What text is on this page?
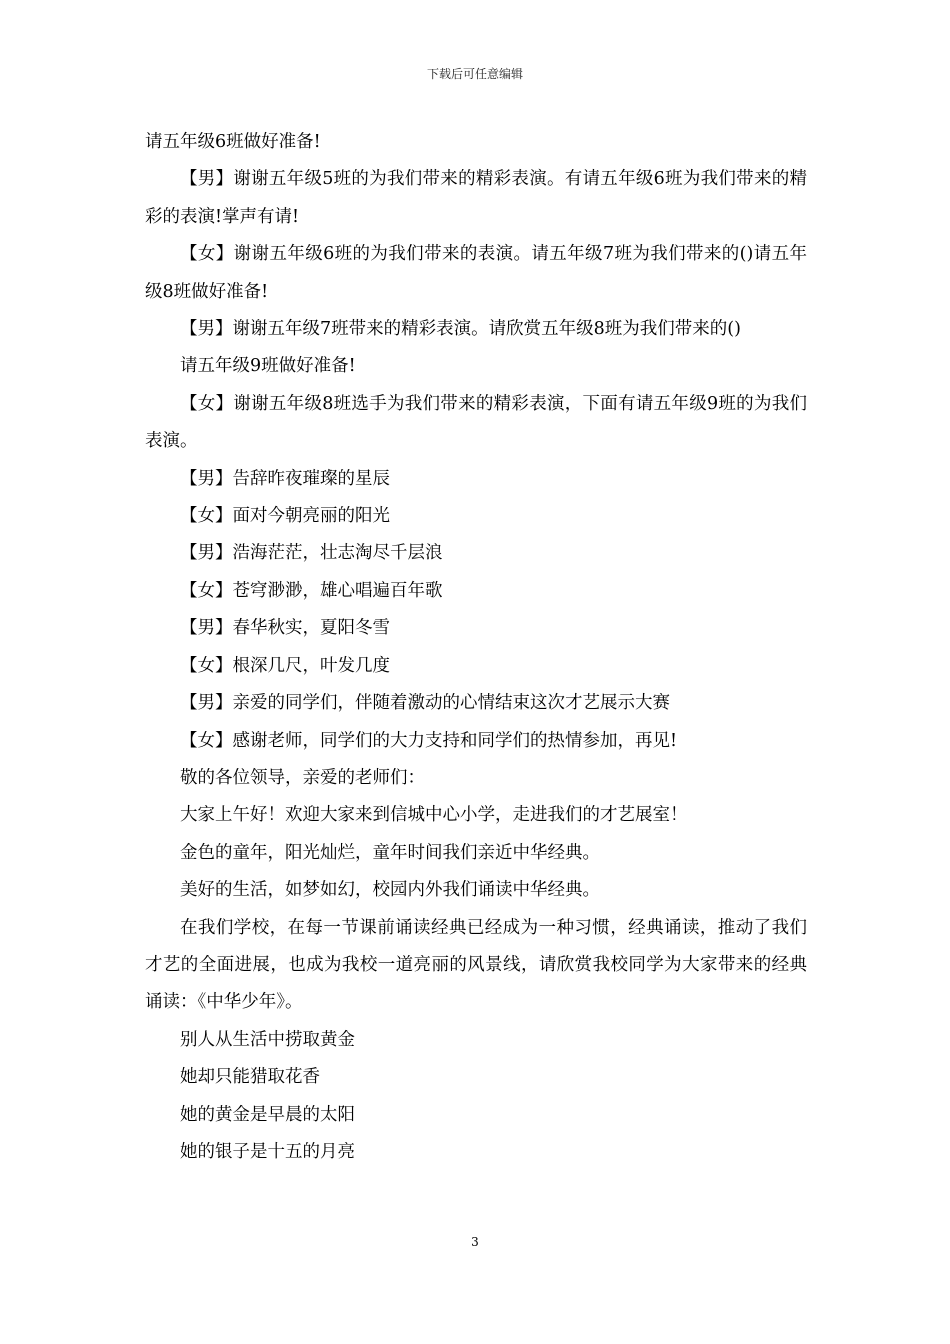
下载后可任意编辑

请五年级6班做好准备!

【男】谢谢五年级5班的为我们带来的精彩表演。有请五年级6班为我们带来的精彩的表演!掌声有请!

【女】谢谢五年级6班的为我们带来的表演。请五年级7班为我们带来的()请五年级8班做好准备!

【男】谢谢五年级7班带来的精彩表演。请欣赏五年级8班为我们带来的()

请五年级9班做好准备!

【女】谢谢五年级8班选手为我们带来的精彩表演，下面有请五年级9班的为我们表演。

【男】告辞昨夜璀璨的星辰

【女】面对今朝亮丽的阳光

【男】浩海茫茫，壮志淘尽千层浪

【女】苍穹渺渺，雄心唱遍百年歌

【男】春华秋实，夏阳冬雪

【女】根深几尺，叶发几度

【男】亲爱的同学们，伴随着激动的心情结束这次才艺展示大赛

【女】感谢老师，同学们的大力支持和同学们的热情参加，再见!

敬的各位领导，亲爱的老师们：

大家上午好！欢迎大家来到信城中心小学，走进我们的才艺展室！

金色的童年，阳光灿烂，童年时间我们亲近中华经典。

美好的生活，如梦如幻，校园内外我们诵读中华经典。

在我们学校，在每一节课前诵读经典已经成为一种习惯，经典诵读，推动了我们才艺的全面进展，也成为我校一道亮丽的风景线，请欣赏我校同学为大家带来的经典诵读：《中华少年》。

别人从生活中捞取黄金

她却只能猎取花香

她的黄金是早晨的太阳

她的银子是十五的月亮

3
